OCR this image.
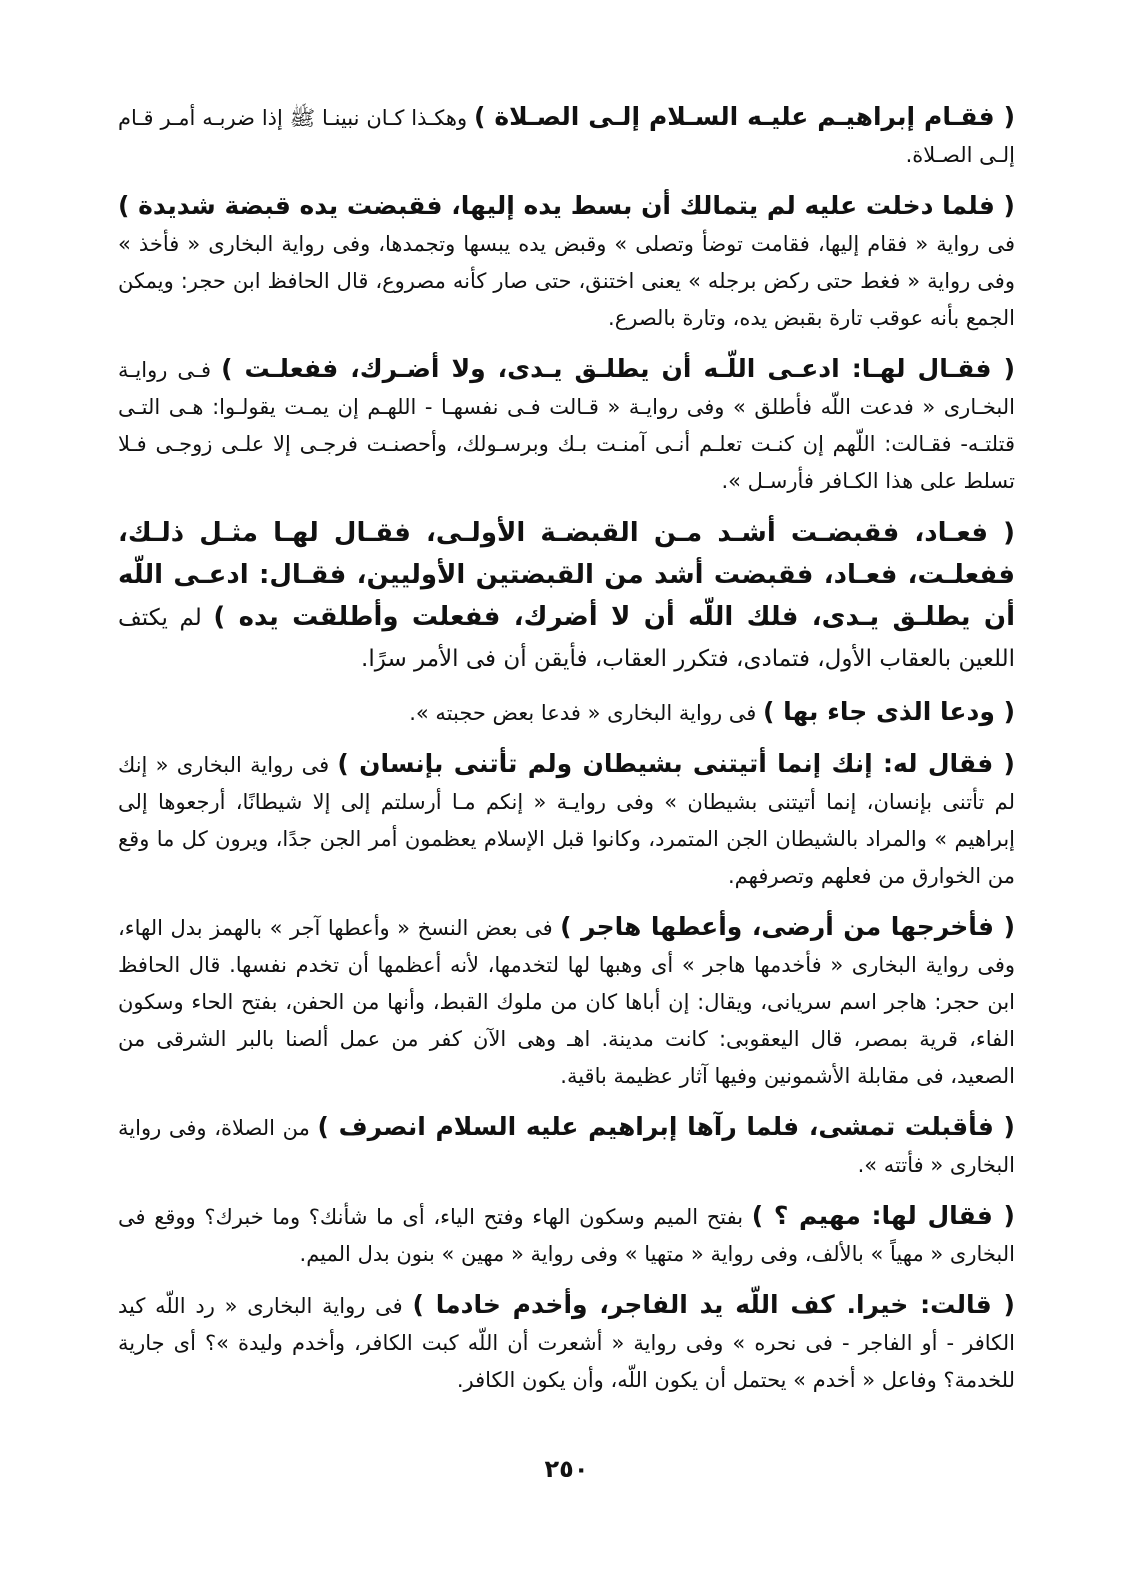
( فقـام إبراهيـم عليـه السـلام إلـى الصـلاة ) وهكـذا كـان نبينـا ﷺ إذا ضربـه أمـر قـام إلـى الصـلاة.

( فلما دخلت عليه لم يتمالك أن بسط يده إليها، فقبضت يده قبضة شديدة ) فى رواية « فقام إليها، فقامت توضأ وتصلى » وقبض يده يبسها وتجمدها، وفى رواية البخارى « فأخذ » وفى رواية « فغط حتى ركض برجله » يعنى اختنق، حتى صار كأنه مصروع، قال الحافظ ابن حجر: ويمكن الجمع بأنه عوقب تارة بقبض يده، وتارة بالصرع.

( فقـال لهـا: ادعـى اللّـه أن يطلـق يـدى، ولا أضـرك، ففعلـت ) فـى روايـة البخـارى « فدعت اللّه فأطلق » وفى روايـة « قـالت فـى نفسهـا - اللهـم إن يمـت يقولـوا: هـى التـى قتلتـه- فقـالت: اللّهم إن كنـت تعلـم أنـى آمنـت بـك وبرسـولك، وأحصنـت فرجـى إلا علـى زوجـى فـلا تسلط على هذا الكـافر فأرسـل ».

( فعـاد، فقبضـت أشـد مـن القبضـة الأولـى، فقـال لهـا مثـل ذلـك، ففعلـت، فعـاد، فقبضت أشد من القبضتين الأوليين، فقـال: ادعـى اللّه أن يطلـق يـدى، فلك اللّه أن لا أضرك، ففعلت وأطلقت يده ) لم يكتف اللعين بالعقاب الأول، فتمادى، فتكرر العقاب، فأيقن أن فى الأمر سرًا.

( ودعا الذى جاء بها ) فى رواية البخارى « فدعا بعض حجبته ».

( فقال له: إنك إنما أتيتنى بشيطان ولم تأتنى بإنسان ) فى رواية البخارى « إنك لم تأتنى بإنسان، إنما أتيتنى بشيطان » وفى روايـة « إنكم مـا أرسلتم إلى إلا شيطانًا، أرجعوها إلى إبراهيم » والمراد بالشيطان الجن المتمرد، وكانوا قبل الإسلام يعظمون أمر الجن جدًا، ويرون كل ما وقع من الخوارق من فعلهم وتصرفهم.

( فأخرجها من أرضى، وأعطها هاجر ) فى بعض النسخ « وأعطها آجر » بالهمز بدل الهاء، وفى رواية البخارى « فأخدمها هاجر » أى وهبها لها لتخدمها، لأنه أعظمها أن تخدم نفسها. قال الحافظ ابن حجر: هاجر اسم سريانى، ويقال: إن أباها كان من ملوك القبط، وأنها من الحفن، بفتح الحاء وسكون الفاء، قرية بمصر، قال اليعقوبى: كانت مدينة. اهـ وهى الآن كفر من عمل ألصنا بالبر الشرقى من الصعيد، فى مقابلة الأشمونين وفيها آثار عظيمة باقية.

( فأقبلت تمشى، فلما رآها إبراهيم عليه السلام انصرف ) من الصلاة، وفى رواية البخارى « فأتته ».

( فقال لها: مهيم ؟ ) بفتح الميم وسكون الهاء وفتح الياء، أى ما شأنك؟ وما خبرك؟ ووقع فى البخارى « مهياً » بالألف، وفى رواية « متهيا » وفى رواية « مهين » بنون بدل الميم.

( قالت: خيرا. كف اللّه يد الفاجر، وأخدم خادما ) فى رواية البخارى « رد اللّه كيد الكافر - أو الفاجر - فى نحره » وفى رواية « أشعرت أن اللّه كبت الكافر، وأخدم وليدة »؟ أى جارية للخدمة؟ وفاعل « أخدم » يحتمل أن يكون اللّه، وأن يكون الكافر.

٢٥٠
